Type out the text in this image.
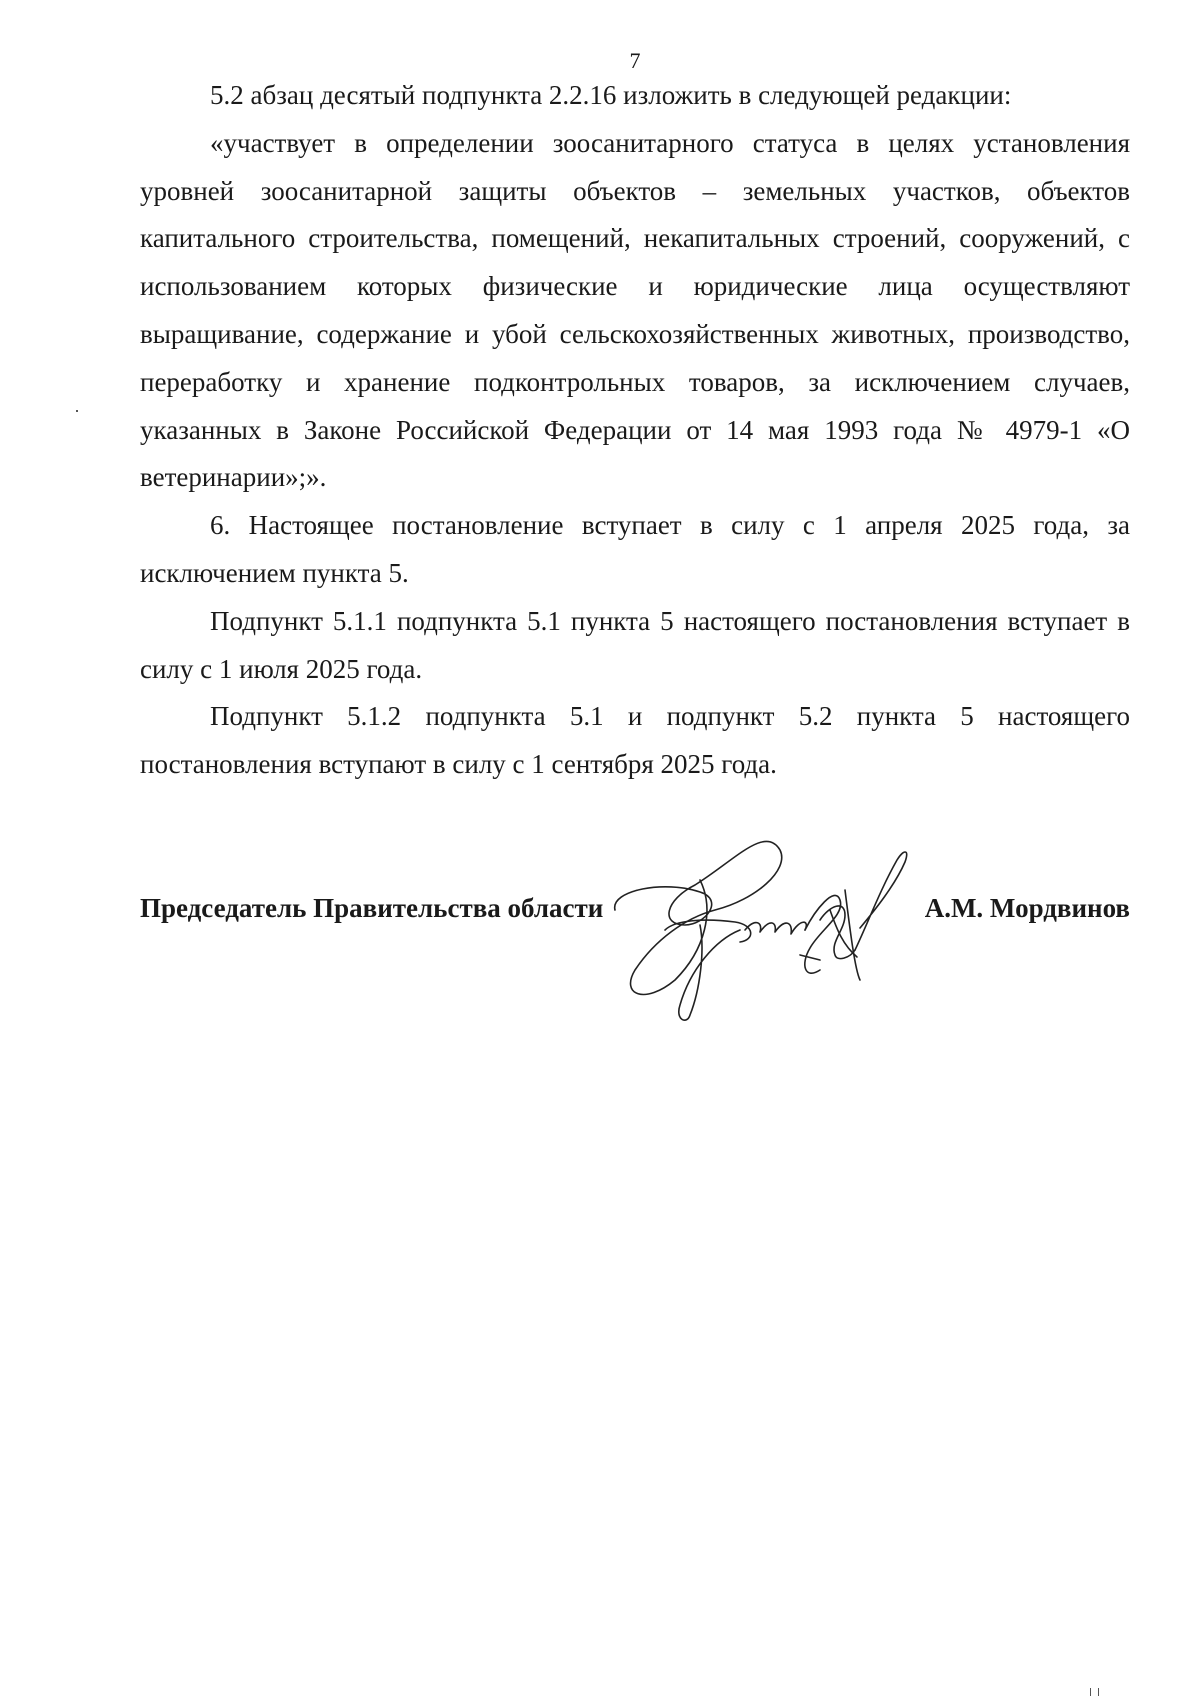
7

5.2 абзац десятый подпункта 2.2.16 изложить в следующей редакции:

«участвует в определении зоосанитарного статуса в целях установления уровней зоосанитарной защиты объектов – земельных участков, объектов капитального строительства, помещений, некапитальных строений, сооружений, с использованием которых физические и юридические лица осуществляют выращивание, содержание и убой сельскохозяйственных животных, производство, переработку и хранение подконтрольных товаров, за исключением случаев, указанных в Законе Российской Федерации от 14 мая 1993 года № 4979-1 «О ветеринарии»;».

6. Настоящее постановление вступает в силу с 1 апреля 2025 года, за исключением пункта 5.

Подпункт 5.1.1 подпункта 5.1 пункта 5 настоящего постановления вступает в силу с 1 июля 2025 года.

Подпункт 5.1.2 подпункта 5.1 и подпункт 5.2 пункта 5 настоящего постановления вступают в силу с 1 сентября 2025 года.

Председатель Правительства области	А.М. Мордвинов
